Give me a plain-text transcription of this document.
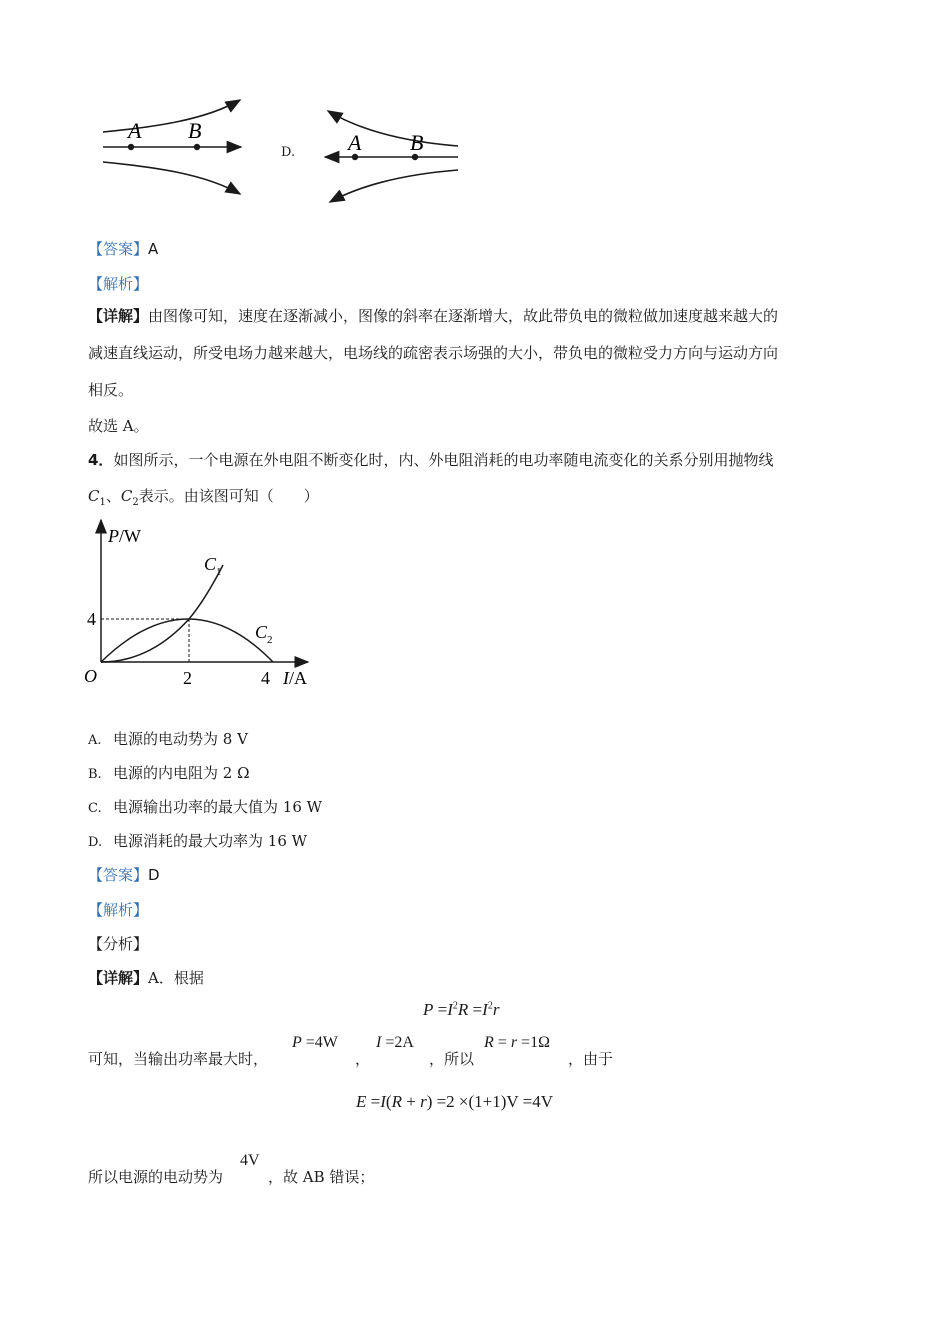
A B
D. A B
【答案】A
【解析】
【详解】由图像可知，速度在逐渐减小，图像的斜率在逐渐增大，故此带负电的微粒做加速度越来越大的
减速直线运动，所受电场力越来越大，电场线的疏密表示场强的大小，带负电的微粒受力方向与运动方向
相反。
故选 A。
4．如图所示，一个电源在外电阻不断变化时，内、外电阻消耗的电功率随电流变化的关系分别用抛物线
$C_1$、$C_2$表示。由该图可知（　　）
P/W
I/A
O
4
2	4
$C_1$
$C_2$
A. 电源的电动势为 8 V
B. 电源的内电阻为 2 Ω
C. 电源输出功率的最大值为 16 W
D. 电源消耗的最大功率为 16 W
【答案】D
【解析】
【分析】
【详解】A．根据
$P =I^2R =I^2r$
可知，当输出功率最大时，
P =4W
，
I =2A
，所以
R = r =1Ω
，由于
E =I(R + r) =2 ×(1+1)V =4V
所以电源的电动势为
4V
，故 AB 错误；
